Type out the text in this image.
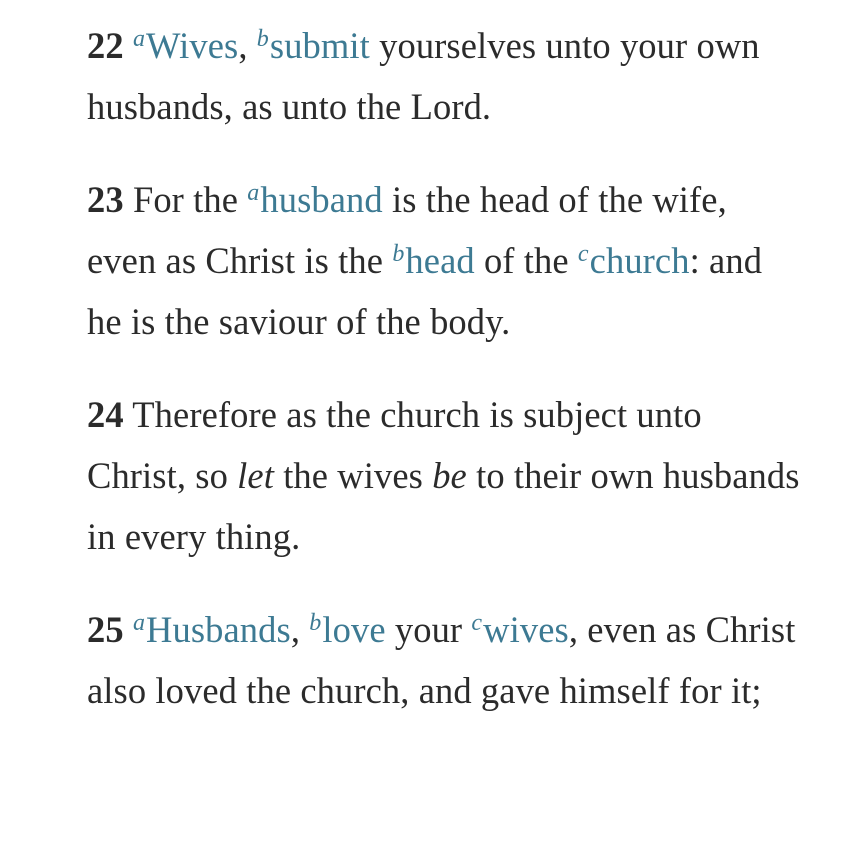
22 $^a$Wives, $^b$submit yourselves unto your own husbands, as unto the Lord.

23 For the $^a$husband is the head of the wife, even as Christ is the $^b$head of the $^c$church: and he is the saviour of the body.

24 Therefore as the church is subject unto Christ, so let the wives be to their own husbands in every thing.

25 $^a$Husbands, $^b$love your $^c$wives, even as Christ also loved the church, and gave himself for it;
